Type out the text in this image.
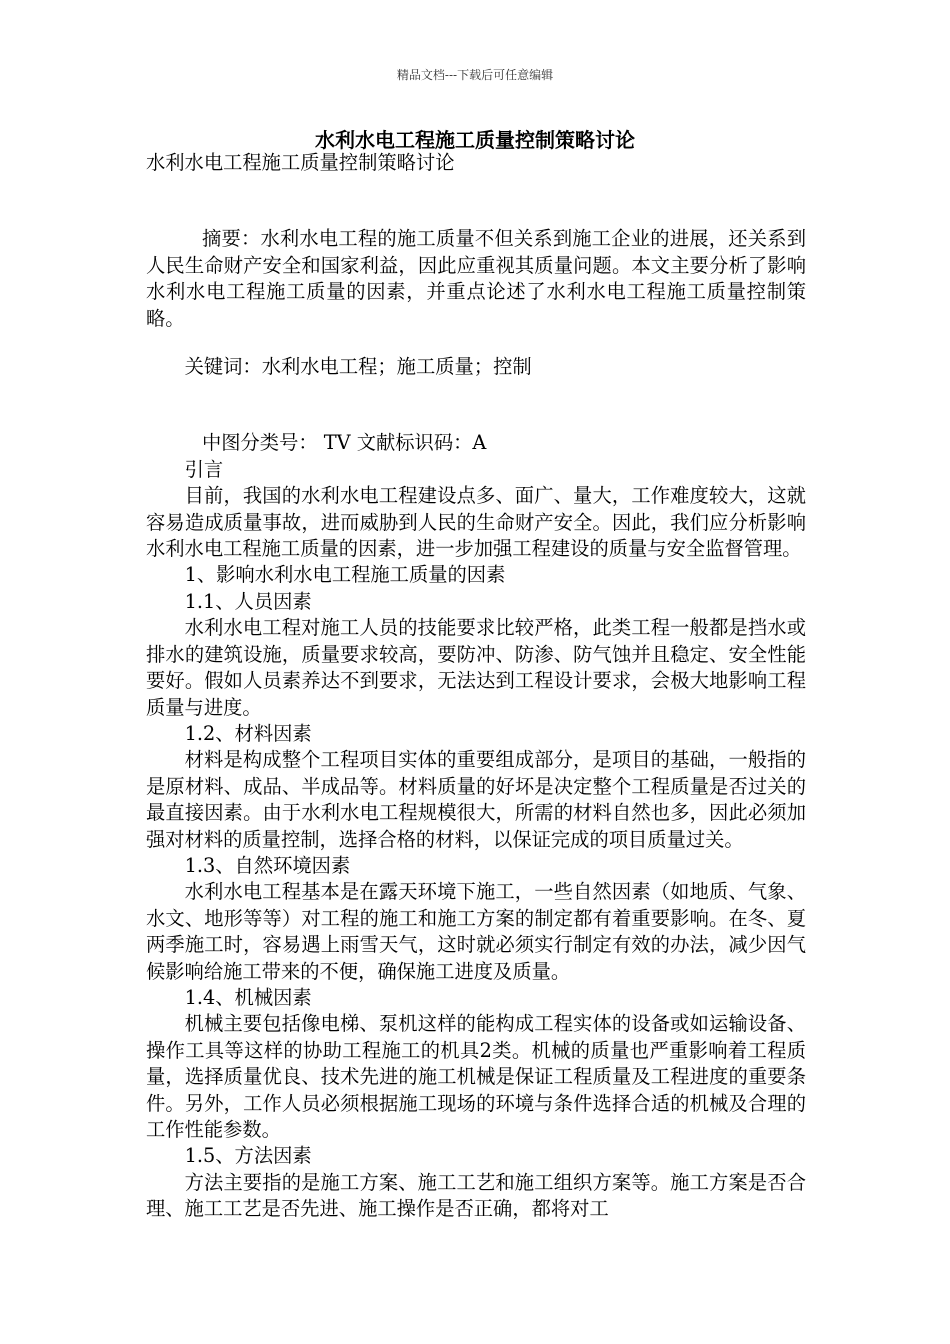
精品文档---下载后可任意编辑
水利水电工程施工质量控制策略讨论

水利水电工程施工质量控制策略讨论

摘要：水利水电工程的施工质量不但关系到施工企业的进展，还关系到人民生命财产安全和国家利益，因此应重视其质量问题。本文主要分析了影响水利水电工程施工质量的因素，并重点论述了水利水电工程施工质量控制策略。

关键词：水利水电工程；施工质量；控制

中图分类号： TV 文献标识码：A

引言

目前，我国的水利水电工程建设点多、面广、量大，工作难度较大，这就容易造成质量事故，进而威胁到人民的生命财产安全。因此，我们应分析影响水利水电工程施工质量的因素，进一步加强工程建设的质量与安全监督管理。

1、影响水利水电工程施工质量的因素

1.1、人员因素

水利水电工程对施工人员的技能要求比较严格，此类工程一般都是挡水或排水的建筑设施，质量要求较高，要防冲、防渗、防气蚀并且稳定、安全性能要好。假如人员素养达不到要求，无法达到工程设计要求，会极大地影响工程质量与进度。

1.2、材料因素

材料是构成整个工程项目实体的重要组成部分，是项目的基础，一般指的是原材料、成品、半成品等。材料质量的好坏是决定整个工程质量是否过关的最直接因素。由于水利水电工程规模很大，所需的材料自然也多，因此必须加强对材料的质量控制，选择合格的材料，以保证完成的项目质量过关。

1.3、自然环境因素

水利水电工程基本是在露天环境下施工，一些自然因素（如地质、气象、水文、地形等等）对工程的施工和施工方案的制定都有着重要影响。在冬、夏两季施工时，容易遇上雨雪天气，这时就必须实行制定有效的办法，减少因气候影响给施工带来的不便，确保施工进度及质量。

1.4、机械因素

机械主要包括像电梯、泵机这样的能构成工程实体的设备或如运输设备、操作工具等这样的协助工程施工的机具2类。机械的质量也严重影响着工程质量，选择质量优良、技术先进的施工机械是保证工程质量及工程进度的重要条件。另外，工作人员必须根据施工现场的环境与条件选择合适的机械及合理的工作性能参数。

1.5、方法因素

方法主要指的是施工方案、施工工艺和施工组织方案等。施工方案是否合理、施工工艺是否先进、施工操作是否正确，都将对工
